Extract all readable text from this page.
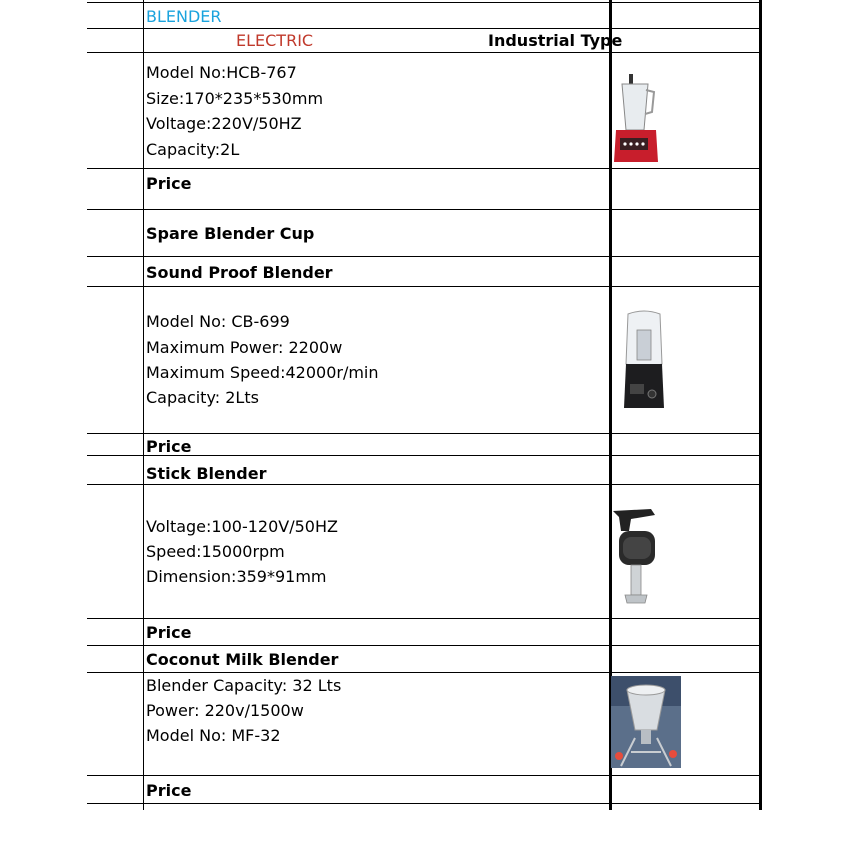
BLENDER
ELECTRIC	Industrial Type
Model No:HCB-767
Size:170*235*530mm
Voltage:220V/50HZ
Capacity:2L
Price
Spare Blender Cup
Sound Proof Blender
Model No: CB-699
Maximum Power: 2200w
Maximum Speed:42000r/min
Capacity: 2Lts
Price
Stick Blender
Voltage:100-120V/50HZ
Speed:15000rpm
Dimension:359*91mm
Price
Coconut Milk Blender
Blender Capacity: 32 Lts
Power: 220v/1500w
Model No: MF-32
Price
